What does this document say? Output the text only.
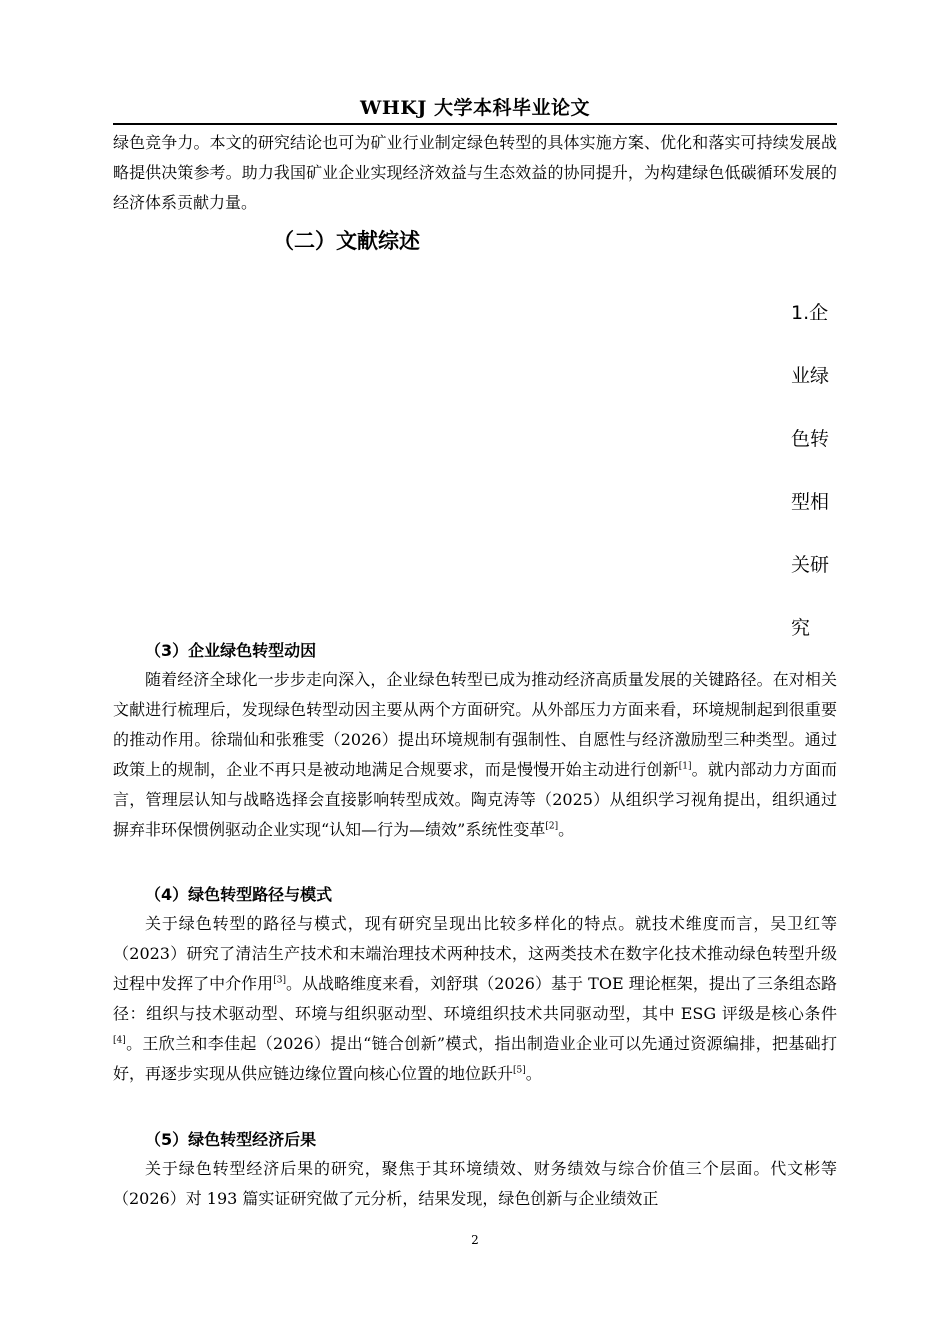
WHKJ 大学本科毕业论文

绿色竞争力。本文的研究结论也可为矿业行业制定绿色转型的具体实施方案、优化和落实可持续发展战略提供决策参考。助力我国矿业企业实现经济效益与生态效益的协同提升，为构建绿色低碳循环发展的经济体系贡献力量。

（二）文献综述
1.企业绿色转型相关研究
（3）企业绿色转型动因

随着经济全球化一步步走向深入，企业绿色转型已成为推动经济高质量发展的关键路径。在对相关文献进行梳理后，发现绿色转型动因主要从两个方面研究。从外部压力方面来看，环境规制起到很重要的推动作用。徐瑞仙和张雅雯（2026）提出环境规制有强制性、自愿性与经济激励型三种类型。通过政策上的规制，企业不再只是被动地满足合规要求，而是慢慢开始主动进行创新[1]。就内部动力方面而言，管理层认知与战略选择会直接影响转型成效。陶克涛等（2025）从组织学习视角提出，组织通过摒弃非环保惯例驱动企业实现“认知—行为—绩效”系统性变革[2]。

（4）绿色转型路径与模式

关于绿色转型的路径与模式，现有研究呈现出比较多样化的特点。就技术维度而言，吴卫红等（2023）研究了清洁生产技术和末端治理技术两种技术，这两类技术在数字化技术推动绿色转型升级过程中发挥了中介作用[3]。从战略维度来看，刘舒琪（2026）基于 TOE 理论框架，提出了三条组态路径：组织与技术驱动型、环境与组织驱动型、环境组织技术共同驱动型，其中 ESG 评级是核心条件[4]。王欣兰和李佳起（2026）提出“链合创新”模式，指出制造业企业可以先通过资源编排，把基础打好，再逐步实现从供应链边缘位置向核心位置的地位跃升[5]。

（5）绿色转型经济后果

关于绿色转型经济后果的研究，聚焦于其环境绩效、财务绩效与综合价值三个层面。代文彬等（2026）对 193 篇实证研究做了元分析，结果发现，绿色创新与企业绩效正

2
